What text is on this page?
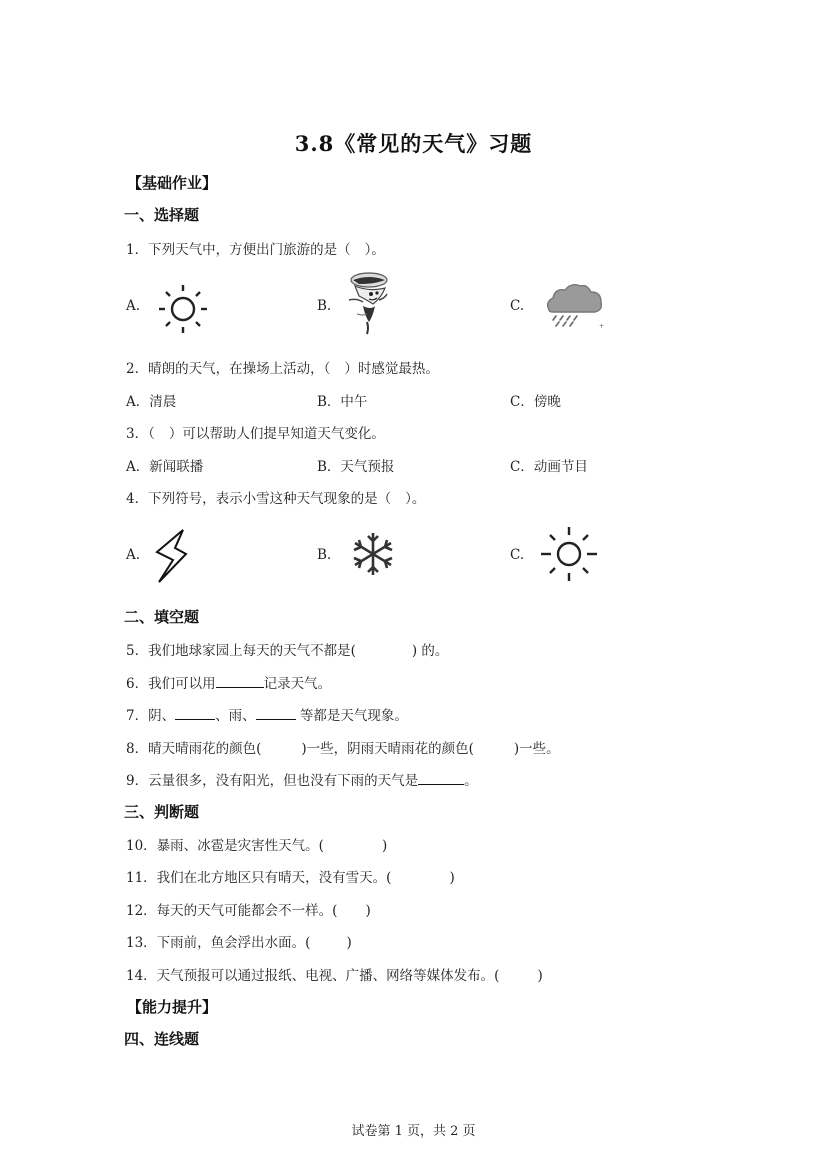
3.8《常见的天气》习题
【基础作业】
一、选择题
1．下列天气中，方便出门旅游的是（ ）。
A.	B.	C.
+
2．晴朗的天气，在操场上活动，（ ）时感觉最热。
A．清晨	B．中午	C．傍晚
3．（ ）可以帮助人们提早知道天气变化。
A．新闻联播	B．天气预报	C．动画节目
4．下列符号，表示小雪这种天气现象的是（ ）。
A.	B.	C.
二、填空题
5．我们地球家园上每天的天气不都是(	) 的。
6．我们可以用	记录天气。
7．阴、	、雨、	等都是天气现象。
8．晴天晴雨花的颜色(	)一些，阴雨天晴雨花的颜色(	)一些。
9．云量很多，没有阳光，但也没有下雨的天气是	。
三、判断题
10．暴雨、冰雹是灾害性天气。(	)
11．我们在北方地区只有晴天，没有雪天。(	)
12．每天的天气可能都会不一样。( )
13．下雨前，鱼会浮出水面。(	)
14．天气预报可以通过报纸、电视、广播、网络等媒体发布。(	)
【能力提升】
四、连线题
试卷第 1 页，共 2 页
